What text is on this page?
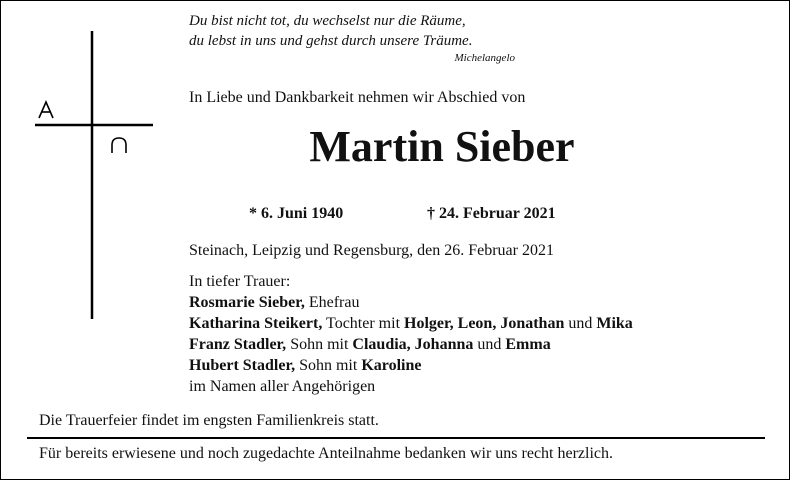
Du bist nicht tot, du wechselst nur die Räume,
du lebst in uns und gehst durch unsere Träume.
Michelangelo
In Liebe und Dankbarkeit nehmen wir Abschied von
Martin Sieber
* 6. Juni 1940	† 24. Februar 2021
Steinach, Leipzig und Regensburg, den 26. Februar 2021
In tiefer Trauer:
Rosmarie Sieber, Ehefrau
Katharina Steikert, Tochter mit Holger, Leon, Jonathan und Mika
Franz Stadler, Sohn mit Claudia, Johanna und Emma
Hubert Stadler, Sohn mit Karoline
im Namen aller Angehörigen
Die Trauerfeier findet im engsten Familienkreis statt.
Für bereits erwiesene und noch zugedachte Anteilnahme bedanken wir uns recht herzlich.
